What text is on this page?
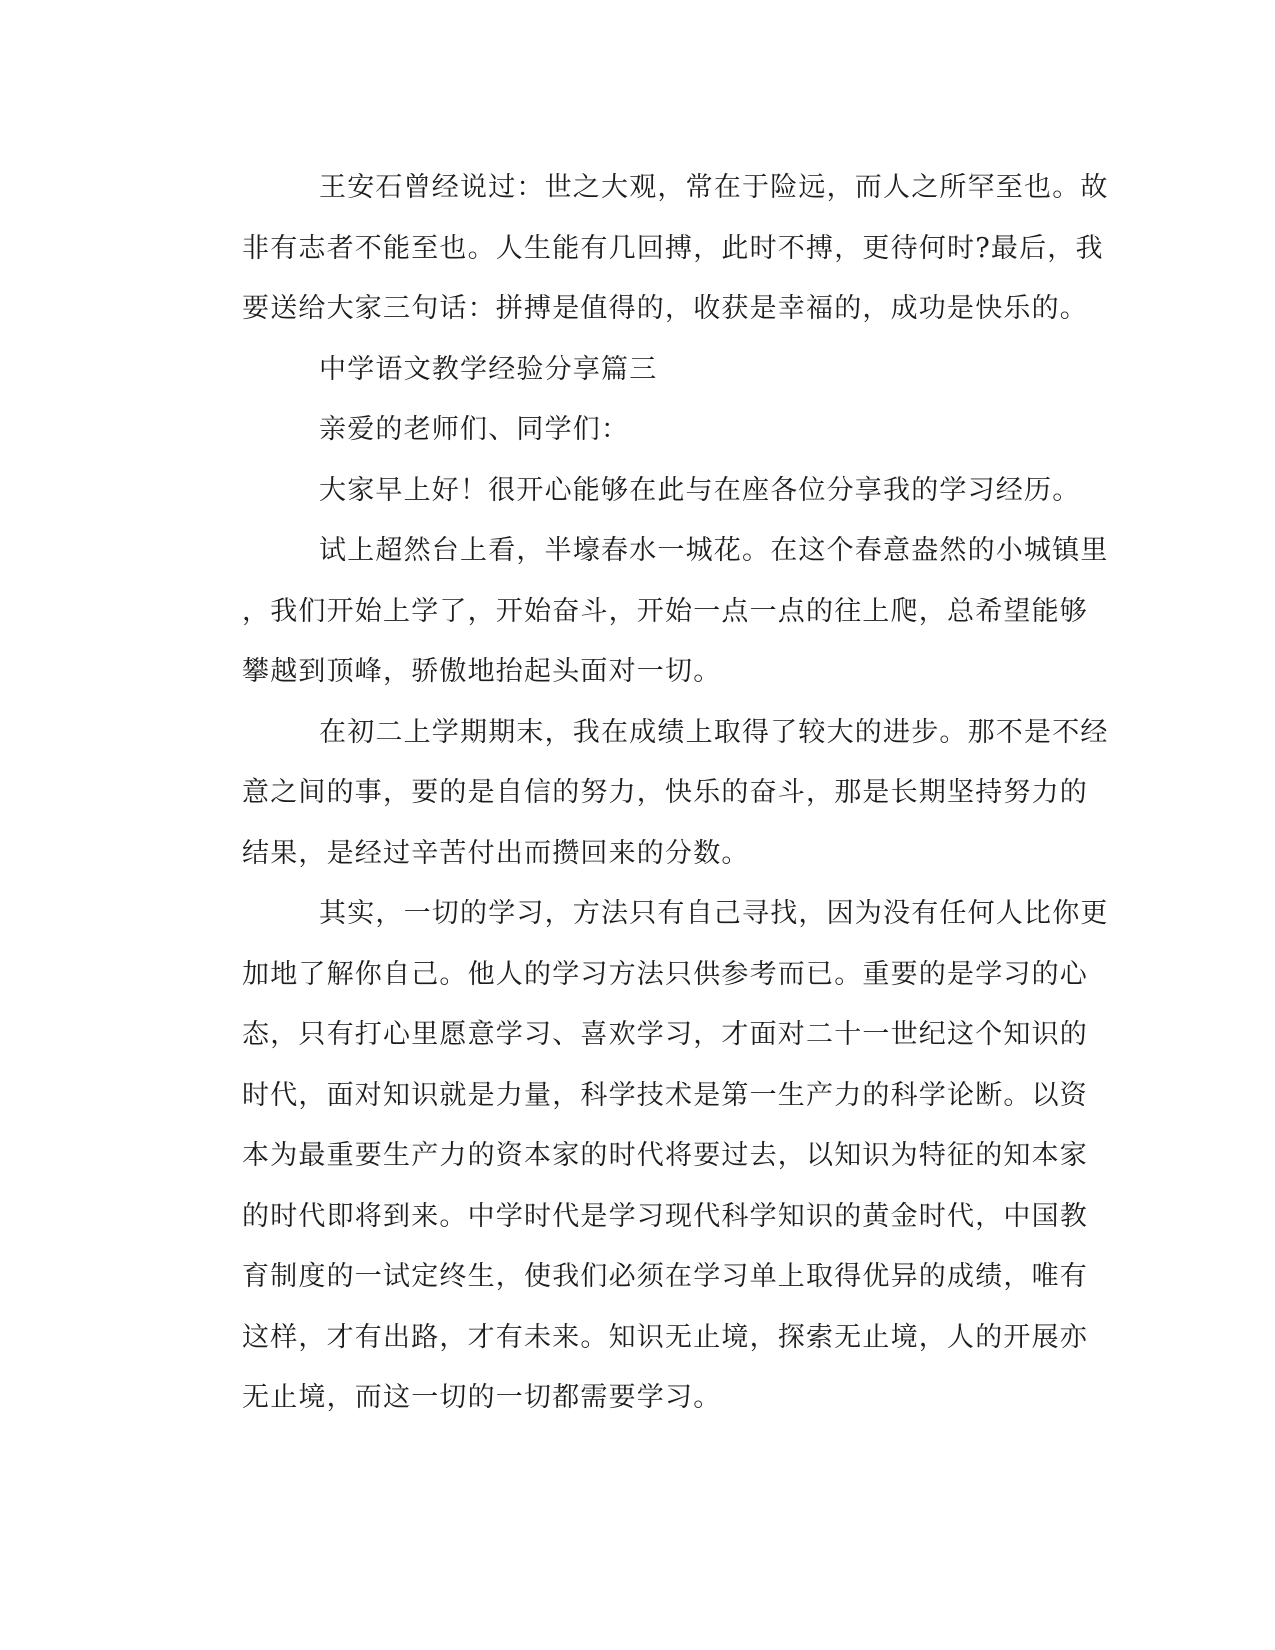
王安石曾经说过：世之大观，常在于险远，而人之所罕至也。故
非有志者不能至也。人生能有几回搏，此时不搏，更待何时?最后，我
要送给大家三句话：拼搏是值得的，收获是幸福的，成功是快乐的。
中学语文教学经验分享篇三
亲爱的老师们、同学们：
大家早上好！很开心能够在此与在座各位分享我的学习经历。
试上超然台上看，半壕春水一城花。在这个春意盎然的小城镇里
，我们开始上学了，开始奋斗，开始一点一点的往上爬，总希望能够
攀越到顶峰，骄傲地抬起头面对一切。
在初二上学期期末，我在成绩上取得了较大的进步。那不是不经
意之间的事，要的是自信的努力，快乐的奋斗，那是长期坚持努力的
结果，是经过辛苦付出而攒回来的分数。
其实，一切的学习，方法只有自己寻找，因为没有任何人比你更
加地了解你自己。他人的学习方法只供参考而已。重要的是学习的心
态，只有打心里愿意学习、喜欢学习，才面对二十一世纪这个知识的
时代，面对知识就是力量，科学技术是第一生产力的科学论断。以资
本为最重要生产力的资本家的时代将要过去，以知识为特征的知本家
的时代即将到来。中学时代是学习现代科学知识的黄金时代，中国教
育制度的一试定终生，使我们必须在学习单上取得优异的成绩，唯有
这样，才有出路，才有未来。知识无止境，探索无止境，人的开展亦
无止境，而这一切的一切都需要学习。
